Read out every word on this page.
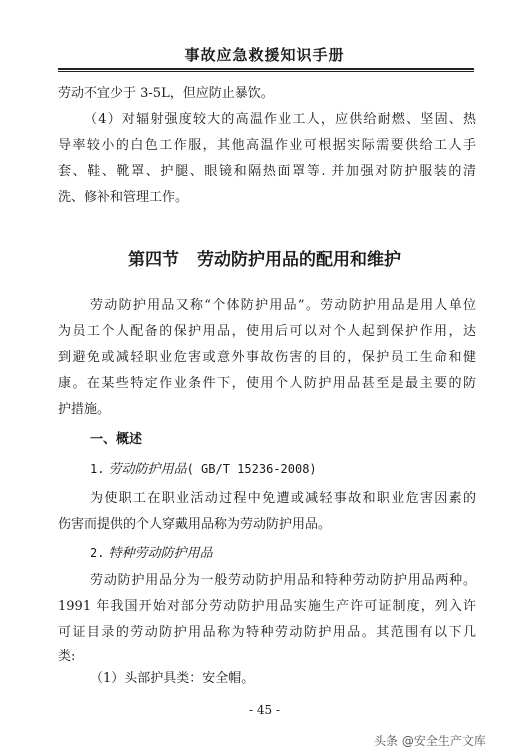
事故应急救援知识手册
劳动不宜少于 3-5L，但应防止暴饮。
（4）对辐射强度较大的高温作业工人，应供给耐燃、坚固、热
导率较小的白色工作服，其他高温作业可根据实际需要供给工人手
套、鞋、靴罩、护腿、眼镜和隔热面罩等. 并加强对防护服装的清
洗、修补和管理工作。
第四节 劳动防护用品的配用和维护
劳动防护用品又称“个体防护用品”。劳动防护用品是用人单位
为员工个人配备的保护用品，使用后可以对个人起到保护作用，达
到避免或减轻职业危害或意外事故伤害的目的，保护员工生命和健
康。在某些特定作业条件下，使用个人防护用品甚至是最主要的防
护措施。
一、概述
1. 劳动防护用品( GB/T 15236-2008)
为使职工在职业活动过程中免遭或减轻事故和职业危害因素的
伤害而提供的个人穿戴用品称为劳动防护用品。
2. 特种劳动防护用品
劳动防护用品分为一般劳动防护用品和特种劳动防护用品两种。
1991 年我国开始对部分劳动防护用品实施生产许可证制度，列入许
可证目录的劳动防护用品称为特种劳动防护用品。其范围有以下几
类:
（1）头部护具类：安全帽。
- 45 -
头条 @安全生产文库
